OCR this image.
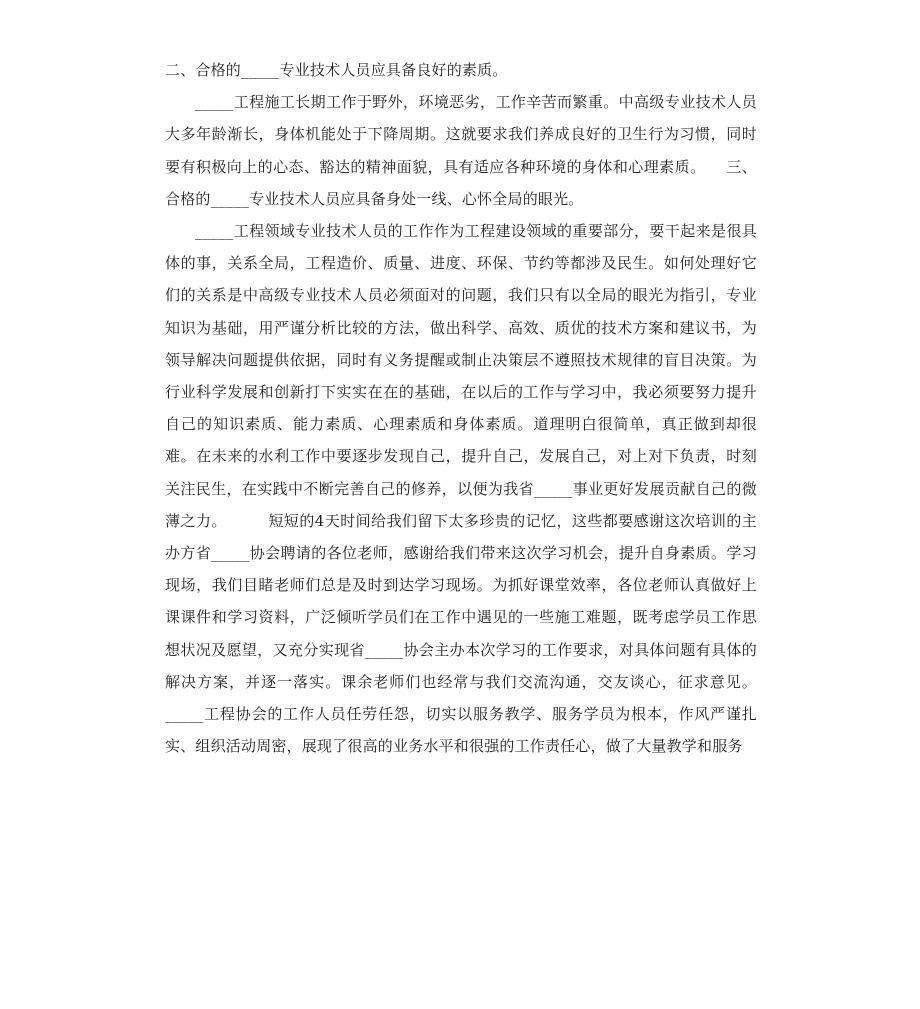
二、合格的_____专业技术人员应具备良好的素质。

_____工程施工长期工作于野外，环境恶劣，工作辛苦而繁重。中高级专业技术人员大多年龄渐长，身体机能处于下降周期。这就要求我们养成良好的卫生行为习惯，同时要有积极向上的心态、豁达的精神面貌，具有适应各种环境的身体和心理素质。    三、合格的_____专业技术人员应具备身处一线、心怀全局的眼光。

_____工程领域专业技术人员的工作作为工程建设领域的重要部分，要干起来是很具体的事，关系全局，工程造价、质量、进度、环保、节约等都涉及民生。如何处理好它们的关系是中高级专业技术人员必须面对的问题，我们只有以全局的眼光为指引，专业知识为基础，用严谨分析比较的方法，做出科学、高效、质优的技术方案和建议书，为领导解决问题提供依据，同时有义务提醒或制止决策层不遵照技术规律的盲目决策。为行业科学发展和创新打下实实在在的基础，在以后的工作与学习中，我必须要努力提升自己的知识素质、能力素质、心理素质和身体素质。道理明白很简单，真正做到却很难。在未来的水利工作中要逐步发现自己，提升自己，发展自己，对上对下负责，时刻关注民生，在实践中不断完善自己的修养，以便为我省_____事业更好发展贡献自己的微薄之力。        短短的4天时间给我们留下太多珍贵的记忆，这些都要感谢这次培训的主办方省_____协会聘请的各位老师，感谢给我们带来这次学习机会，提升自身素质。学习现场，我们目睹老师们总是及时到达学习现场。为抓好课堂效率，各位老师认真做好上课课件和学习资料，广泛倾听学员们在工作中遇见的一些施工难题，既考虑学员工作思想状况及愿望，又充分实现省_____协会主办本次学习的工作要求，对具体问题有具体的解决方案，并逐一落实。课余老师们也经常与我们交流沟通，交友谈心，征求意见。_____工程协会的工作人员任劳任怨，切实以服务教学、服务学员为根本，作风严谨扎实、组织活动周密，展现了很高的业务水平和很强的工作责任心，做了大量教学和服务
